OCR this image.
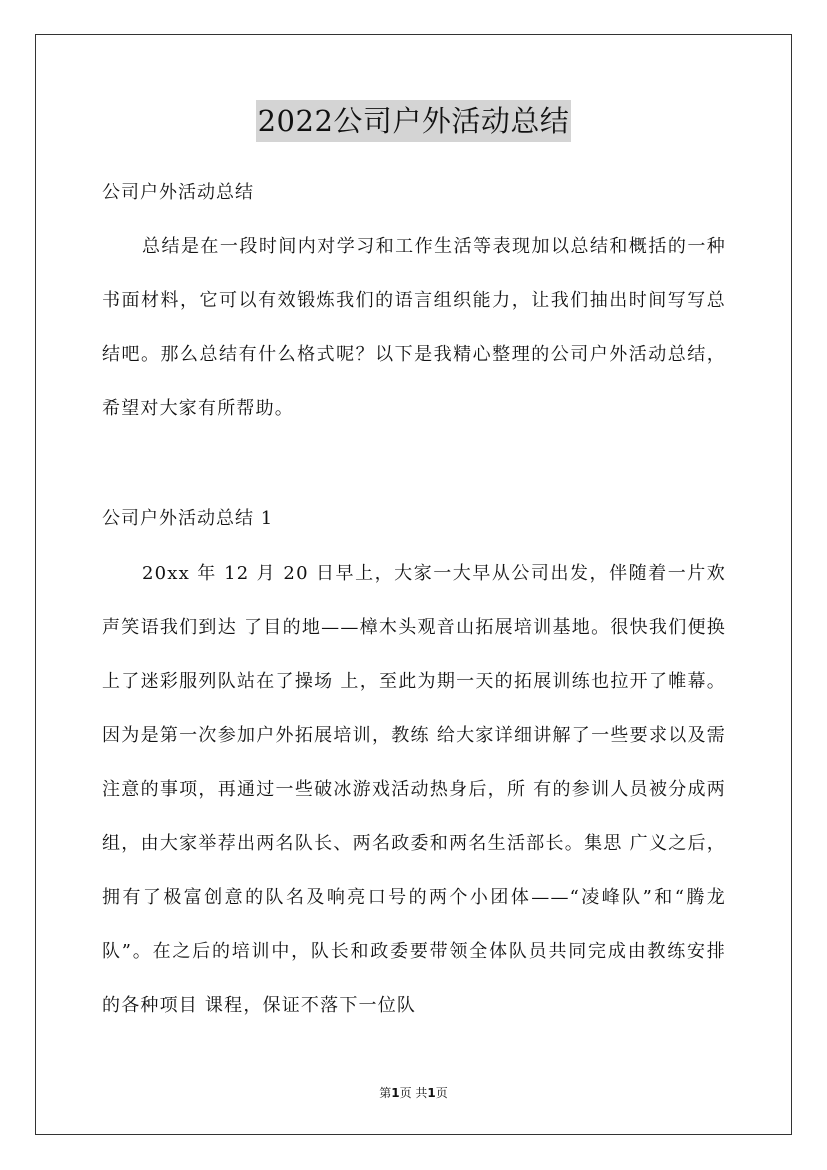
2022公司户外活动总结
公司户外活动总结

总结是在一段时间内对学习和工作生活等表现加以总结和概括的一种书面材料，它可以有效锻炼我们的语言组织能力，让我们抽出时间写写总结吧。那么总结有什么格式呢？以下是我精心整理的公司户外活动总结，希望对大家有所帮助。

公司户外活动总结 1

20xx 年 12 月 20 日早上，大家一大早从公司出发，伴随着一片欢声笑语我们到达 了目的地——樟木头观音山拓展培训基地。很快我们便换上了迷彩服列队站在了操场 上，至此为期一天的拓展训练也拉开了帷幕。因为是第一次参加户外拓展培训，教练 给大家详细讲解了一些要求以及需注意的事项，再通过一些破冰游戏活动热身后，所 有的参训人员被分成两组，由大家举荐出两名队长、两名政委和两名生活部长。集思 广义之后，拥有了极富创意的队名及响亮口号的两个小团体——“凌峰队”和“腾龙 队”。在之后的培训中，队长和政委要带领全体队员共同完成由教练安排的各种项目 课程，保证不落下一位队

第1页 共1页
